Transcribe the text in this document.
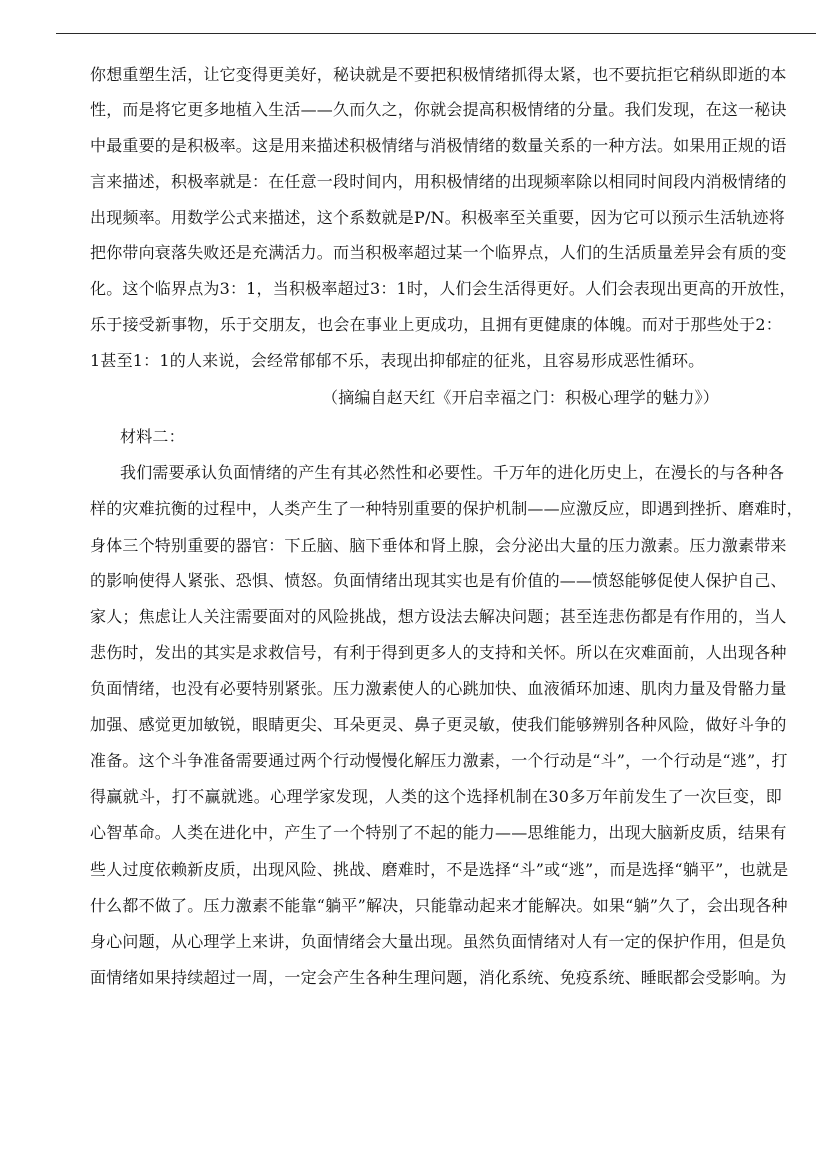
你想重塑生活，让它变得更美好，秘诀就是不要把积极情绪抓得太紧，也不要抗拒它稍纵即逝的本
性，而是将它更多地植入生活——久而久之，你就会提高积极情绪的分量。我们发现，在这一秘诀
中最重要的是积极率。这是用来描述积极情绪与消极情绪的数量关系的一种方法。如果用正规的语
言来描述，积极率就是：在任意一段时间内，用积极情绪的出现频率除以相同时间段内消极情绪的
出现频率。用数学公式来描述，这个系数就是P/N。积极率至关重要，因为它可以预示生活轨迹将
把你带向衰落失败还是充满活力。而当积极率超过某一个临界点，人们的生活质量差异会有质的变
化。这个临界点为3：1，当积极率超过3：1时，人们会生活得更好。人们会表现出更高的开放性，
乐于接受新事物，乐于交朋友，也会在事业上更成功，且拥有更健康的体魄。而对于那些处于2：
1甚至1：1的人来说，会经常郁郁不乐，表现出抑郁症的征兆，且容易形成恶性循环。
（摘编自赵天红《开启幸福之门：积极心理学的魅力》）
材料二：
我们需要承认负面情绪的产生有其必然性和必要性。千万年的进化历史上，在漫长的与各种各
样的灾难抗衡的过程中，人类产生了一种特别重要的保护机制——应激反应，即遇到挫折、磨难时，
身体三个特别重要的器官：下丘脑、脑下垂体和肾上腺，会分泌出大量的压力激素。压力激素带来
的影响使得人紧张、恐惧、愤怒。负面情绪出现其实也是有价值的——愤怒能够促使人保护自己、
家人；焦虑让人关注需要面对的风险挑战，想方设法去解决问题；甚至连悲伤都是有作用的，当人
悲伤时，发出的其实是求救信号，有利于得到更多人的支持和关怀。所以在灾难面前，人出现各种
负面情绪，也没有必要特别紧张。压力激素使人的心跳加快、血液循环加速、肌肉力量及骨骼力量
加强、感觉更加敏锐，眼睛更尖、耳朵更灵、鼻子更灵敏，使我们能够辨别各种风险，做好斗争的
准备。这个斗争准备需要通过两个行动慢慢化解压力激素，一个行动是“斗”，一个行动是“逃”，打
得赢就斗，打不赢就逃。心理学家发现，人类的这个选择机制在30多万年前发生了一次巨变，即
心智革命。人类在进化中，产生了一个特别了不起的能力——思维能力，出现大脑新皮质，结果有
些人过度依赖新皮质，出现风险、挑战、磨难时，不是选择“斗”或“逃”，而是选择“躺平”，也就是
什么都不做了。压力激素不能靠“躺平”解决，只能靠动起来才能解决。如果“躺”久了，会出现各种
身心问题，从心理学上来讲，负面情绪会大量出现。虽然负面情绪对人有一定的保护作用，但是负
面情绪如果持续超过一周，一定会产生各种生理问题，消化系统、免疫系统、睡眠都会受影响。为
